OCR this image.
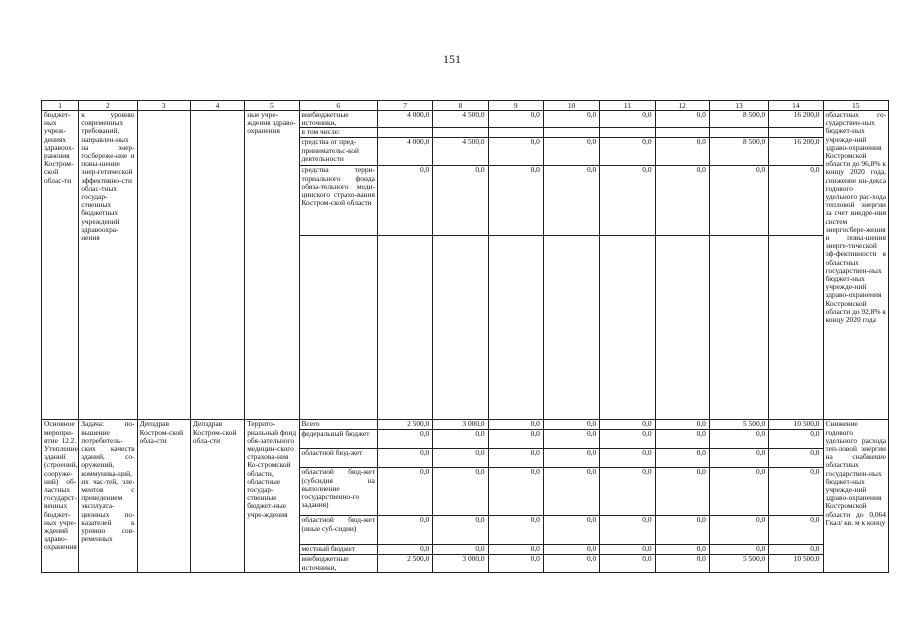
151
1	2	3	4	5	6	7	8	9	10	11	12	13	14	15
бюджет-ных учреж-дениях здравоох-ранения Костром-ской облас-ти	к уровню современных требований, направлен-ных на энер-госбереже-ние и повы-шение энер-гетической эффективно-сти облас-тных государ-ственных бюджетных учреждений здравоохра-нения			ные учре-ждения здраво-охранения	внебюджетные источники,	4 000,0	4 500,0	0,0	0,0	0,0	0,0	8 500,0	16 200,0	областных го-сударствен-ных бюджет-ных учрежде-ний здраво-охранения Костромской области до 96,8% к концу 2020 года, снижение ин-декса годового удельного рас-хода тепловой энергии за счет внедре-ния систем энергосбере-жения и повы-шения энерге-тической эф-фективности в областных государствен-ных бюджет-ных учрежде-ний здраво-охранения Костромской области до 92,8% к концу 2020 года
					в том числе:									
					средства от пред-принимательс-кой деятельности	4 000,0	4 500,0	0,0	0,0	0,0	0,0	8 500,0	16 200,0	
					средства терри-ториального фонда обяза-тельного меди-цинского страхо-вания Костром-ской области	0,0	0,0	0,0	0,0	0,0	0,0	0,0	0,0	

Основное меропри-ятие 12.2. Утепление зданий (строений, сооруже-ний) об-ластных государст-венных бюджет-ных учре-ждений здраво-охранения	Задача: по-вышение потребитель-ских качеств зданий, со-оружений, коммуника-ций, их час-тей, эле-ментов с приведением эксплуата-ционных по-казателей к уровню сов-ременных	Депздрав Костром-ской обла-сти	Депздрав Костром-ской обла-сти	Террито-риальный фонд обя-зательного медицин-ского страхова-ния Ко-стромской области, областные государ-ственные бюджет-ные учре-ждения	Всего	2 500,0	3 000,0	0,0	0,0	0,0	0,0	5 500,0	10 500,0	Снижение годового удельного расхода теп-ловой энергии на снабжение областных государствен-ных бюджет-ных учрежде-ний здраво-охранения Костромской области до 0,064 Гкал/ кв. м к концу
					федеральный бюджет	0,0	0,0	0,0	0,0	0,0	0,0	0,0	0,0	
					областной бюд-жет	0,0	0,0	0,0	0,0	0,0	0,0	0,0	0,0	
					областной бюд-жет (субсидия на выполнение государственно-го задания)	0,0	0,0	0,0	0,0	0,0	0,0	0,0	0,0	
					областной бюд-жет (иные суб-сидии)	0,0	0,0	0,0	0,0	0,0	0,0	0,0	0,0	
					местный бюджет	0,0	0,0	0,0	0,0	0,0	0,0	0,0	0,0	
					внебюджетные источники,	2 500,0	3 000,0	0,0	0,0	0,0	0,0	5 500,0	10 500,0	
